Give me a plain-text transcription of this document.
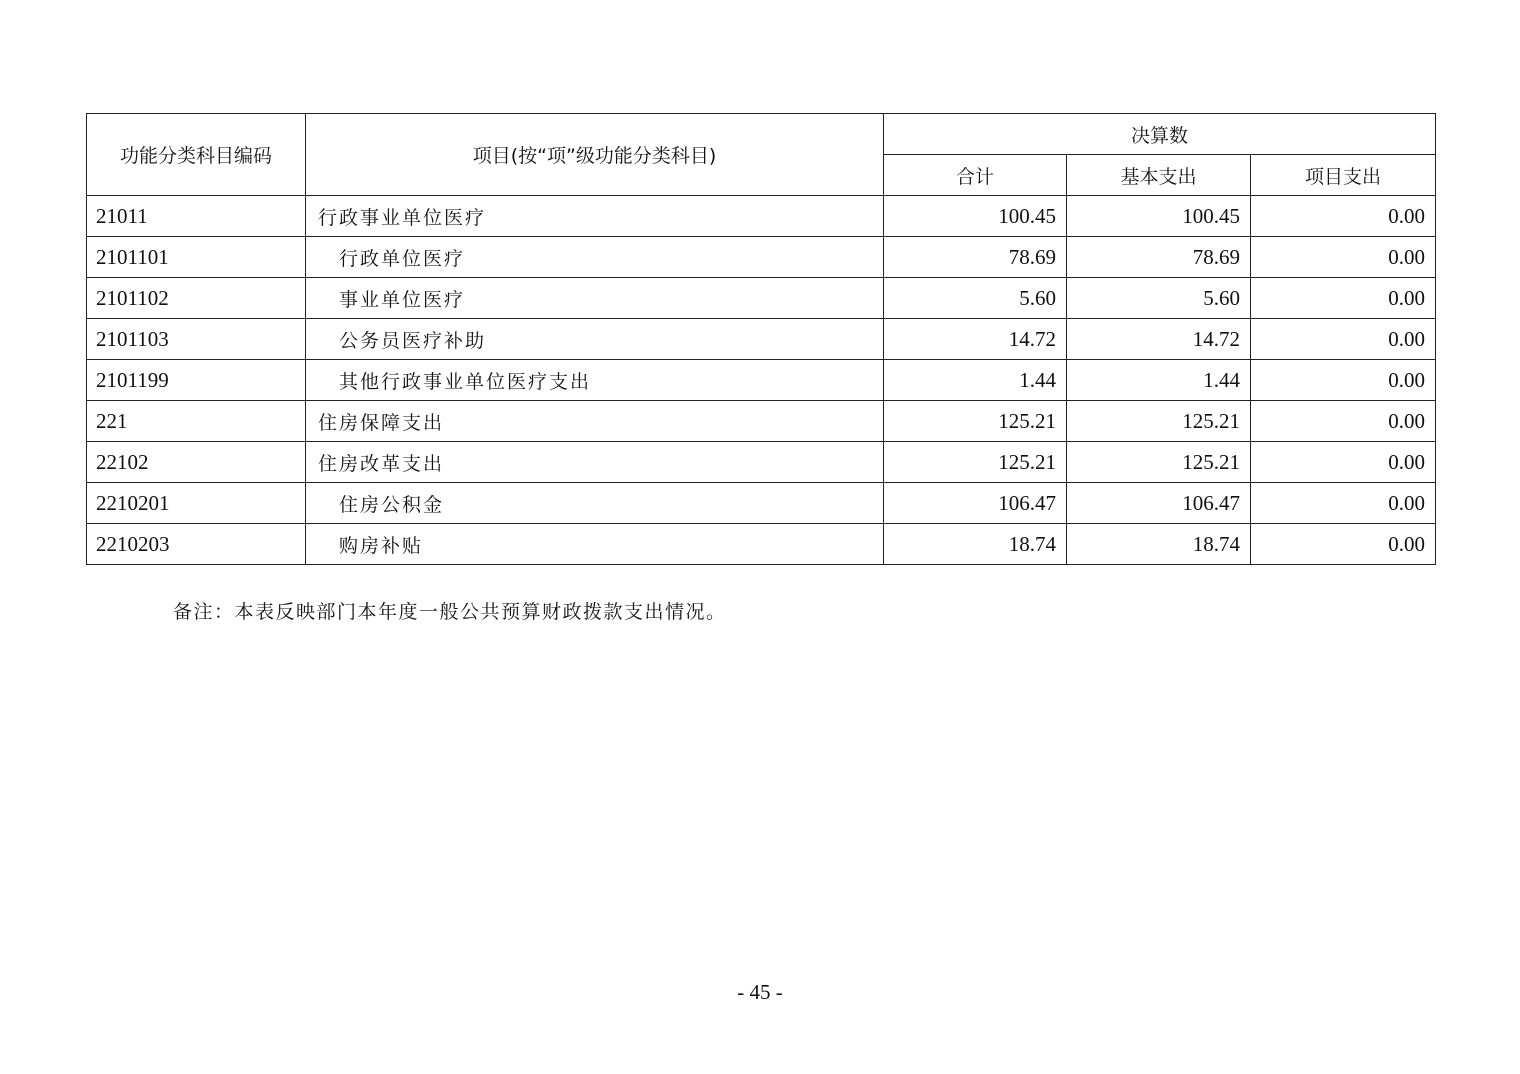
功能分类科目编码	项目(按“项”级功能分类科目)	决算数		
		合计	基本支出	项目支出
21011	行政事业单位医疗	100.45	100.45	0.00
2101101	行政单位医疗	78.69	78.69	0.00
2101102	事业单位医疗	5.60	5.60	0.00
2101103	公务员医疗补助	14.72	14.72	0.00
2101199	其他行政事业单位医疗支出	1.44	1.44	0.00
221	住房保障支出	125.21	125.21	0.00
22102	住房改革支出	125.21	125.21	0.00
2210201	住房公积金	106.47	106.47	0.00
2210203	购房补贴	18.74	18.74	0.00
备注：本表反映部门本年度一般公共预算财政拨款支出情况。
- 45 -
